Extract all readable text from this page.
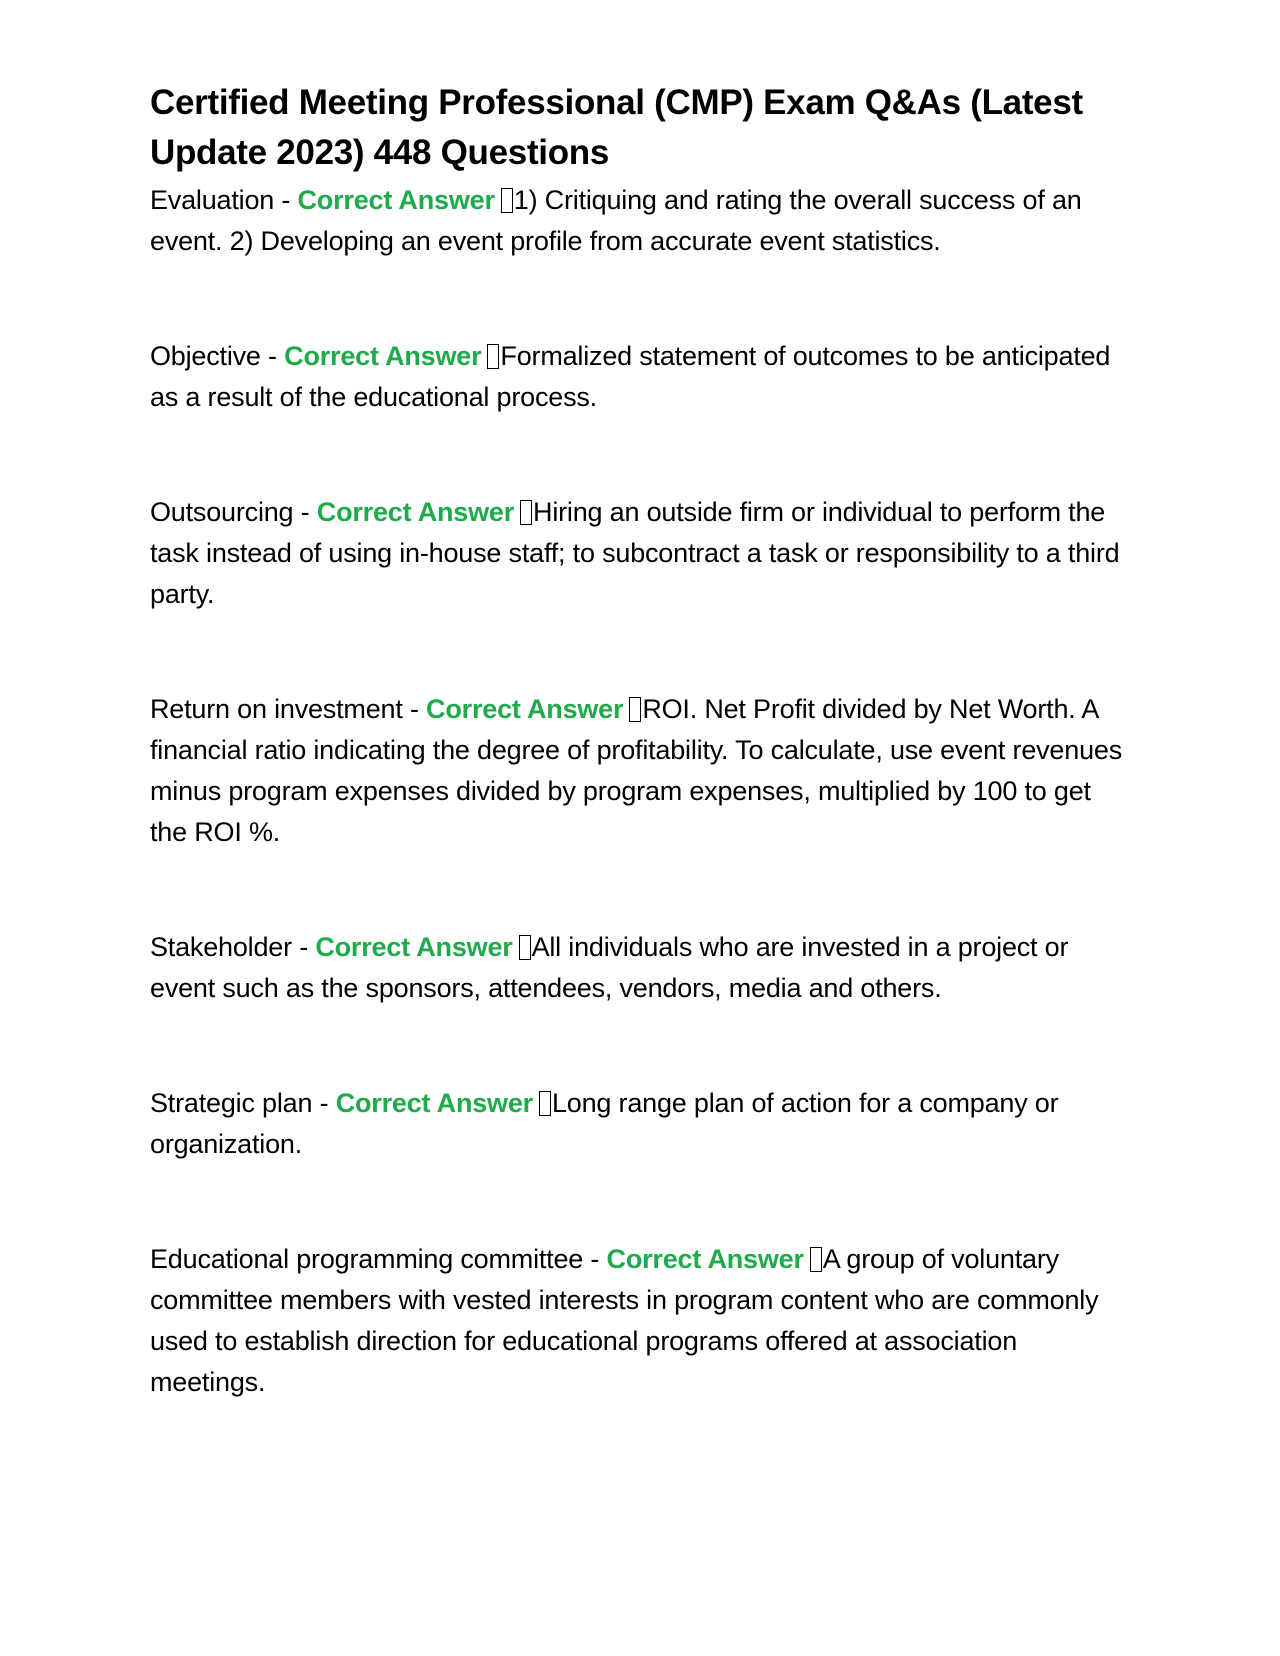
Certified Meeting Professional (CMP) Exam Q&As (Latest Update 2023) 448 Questions

Evaluation - Correct Answer 1) Critiquing and rating the overall success of an event. 2) Developing an event profile from accurate event statistics.

Objective - Correct Answer Formalized statement of outcomes to be anticipated as a result of the educational process.

Outsourcing - Correct Answer Hiring an outside firm or individual to perform the task instead of using in-house staff; to subcontract a task or responsibility to a third party.

Return on investment - Correct Answer ROI. Net Profit divided by Net Worth. A financial ratio indicating the degree of profitability. To calculate, use event revenues minus program expenses divided by program expenses, multiplied by 100 to get the ROI %.

Stakeholder - Correct Answer All individuals who are invested in a project or event such as the sponsors, attendees, vendors, media and others.

Strategic plan - Correct Answer Long range plan of action for a company or organization.

Educational programming committee - Correct Answer A group of voluntary committee members with vested interests in program content who are commonly used to establish direction for educational programs offered at association meetings.
